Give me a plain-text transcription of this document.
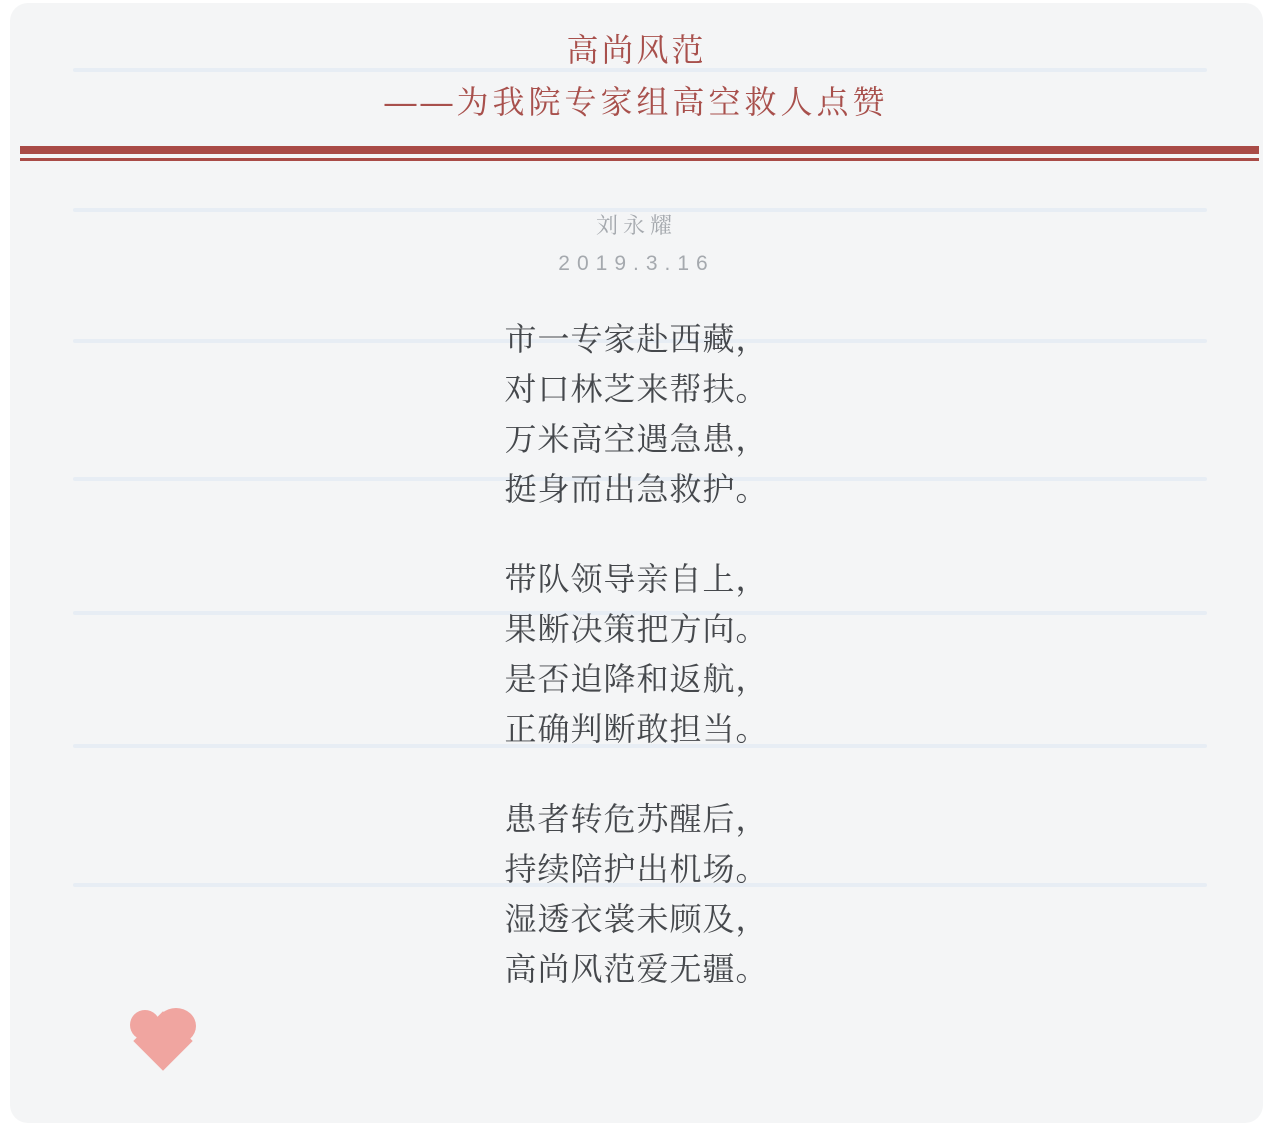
高尚风范
——为我院专家组高空救人点赞
刘永耀
2019.3.16
市一专家赴西藏，
对口林芝来帮扶。
万米高空遇急患，
挺身而出急救护。
带队领导亲自上，
果断决策把方向。
是否迫降和返航，
正确判断敢担当。
患者转危苏醒后，
持续陪护出机场。
湿透衣裳未顾及，
高尚风范爱无疆。
